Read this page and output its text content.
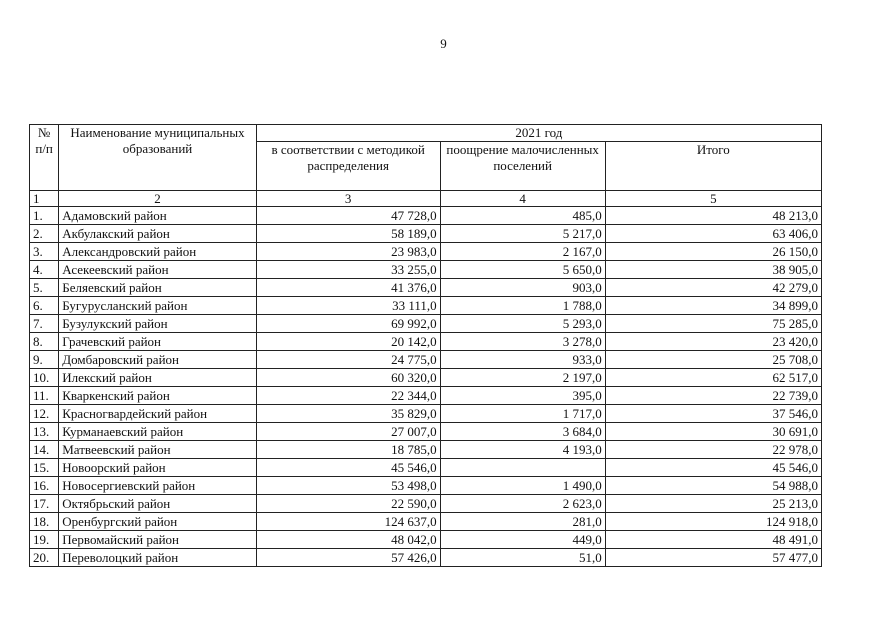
9
№ п/п	Наименование муниципальных образований	2021 год		
		в соответствии с методикой распределения	поощрение малочисленных поселений	Итого
1	2	3	4	5
1.	Адамовский район	47 728,0	485,0	48 213,0
2.	Акбулакский район	58 189,0	5 217,0	63 406,0
3.	Александровский район	23 983,0	2 167,0	26 150,0
4.	Асекеевский район	33 255,0	5 650,0	38 905,0
5.	Беляевский район	41 376,0	903,0	42 279,0
6.	Бугурусланский район	33 111,0	1 788,0	34 899,0
7.	Бузулукский район	69 992,0	5 293,0	75 285,0
8.	Грачевский район	20 142,0	3 278,0	23 420,0
9.	Домбаровский район	24 775,0	933,0	25 708,0
10.	Илекский район	60 320,0	2 197,0	62 517,0
11.	Кваркенский район	22 344,0	395,0	22 739,0
12.	Красногвардейский район	35 829,0	1 717,0	37 546,0
13.	Курманаевский район	27 007,0	3 684,0	30 691,0
14.	Матвеевский район	18 785,0	4 193,0	22 978,0
15.	Новоорский район	45 546,0		45 546,0
16.	Новосергиевский район	53 498,0	1 490,0	54 988,0
17.	Октябрьский район	22 590,0	2 623,0	25 213,0
18.	Оренбургский район	124 637,0	281,0	124 918,0
19.	Первомайский район	48 042,0	449,0	48 491,0
20.	Переволоцкий район	57 426,0	51,0	57 477,0
